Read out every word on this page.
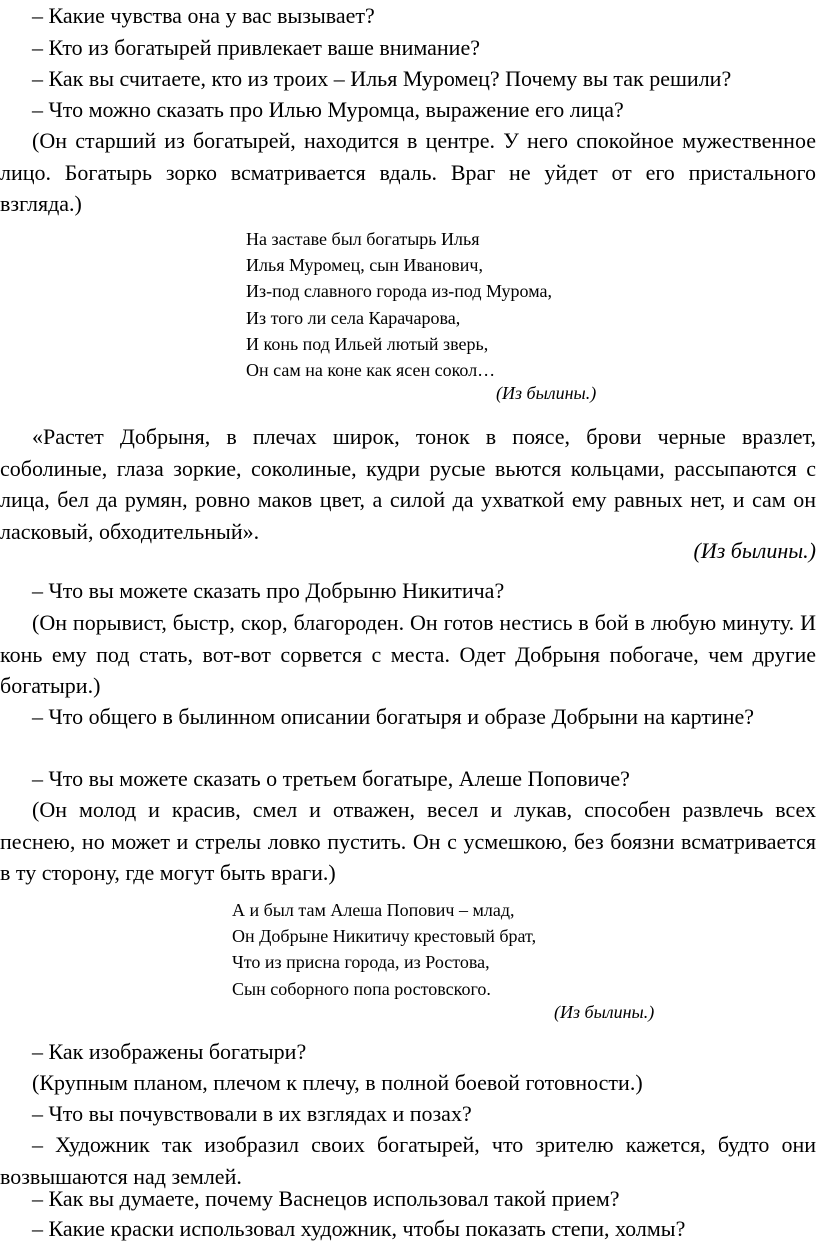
– Какие чувства она у вас вызывает?
– Кто из богатырей привлекает ваше внимание?
– Как вы считаете, кто из троих – Илья Муромец? Почему вы так решили?
– Что можно сказать про Илью Муромца, выражение его лица?
(Он старший из богатырей, находится в центре. У него спокойное мужественное лицо. Богатырь зорко всматривается вдаль. Враг не уйдет от его пристального взгляда.)
На заставе был богатырь Илья
Илья Муромец, сын Иванович,
Из-под славного города из-под Мурома,
Из того ли села Карачарова,
И конь под Ильей лютый зверь,
Он сам на коне как ясен сокол…
(Из былины.)
«Растет Добрыня, в плечах широк, тонок в поясе, брови черные вразлет, соболиные, глаза зоркие, соколиные, кудри русые вьются кольцами, рассыпаются с лица, бел да румян, ровно маков цвет, а силой да ухваткой ему равных нет, и сам он ласковый, обходительный».
(Из былины.)
– Что вы можете сказать про Добрыню Никитича?
(Он порывист, быстр, скор, благороден. Он готов нестись в бой в любую минуту. И конь ему под стать, вот-вот сорвется с места. Одет Добрыня побогаче, чем другие богатыри.)
– Что общего в былинном описании богатыря и образе Добрыни на картине?
– Что вы можете сказать о третьем богатыре, Алеше Поповиче?
(Он молод и красив, смел и отважен, весел и лукав, способен развлечь всех песнею, но может и стрелы ловко пустить. Он с усмешкою, без боязни всматривается в ту сторону, где могут быть враги.)
А и был там Алеша Попович – млад,
Он Добрыне Никитичу крестовый брат,
Что из присна города, из Ростова,
Сын соборного попа ростовского.
(Из былины.)
– Как изображены богатыри?
(Крупным планом, плечом к плечу, в полной боевой готовности.)
– Что вы почувствовали в их взглядах и позах?
– Художник так изобразил своих богатырей, что зрителю кажется, будто они возвышаются над землей.
– Как вы думаете, почему Васнецов использовал такой прием?
– Какие краски использовал художник, чтобы показать степи, холмы?
